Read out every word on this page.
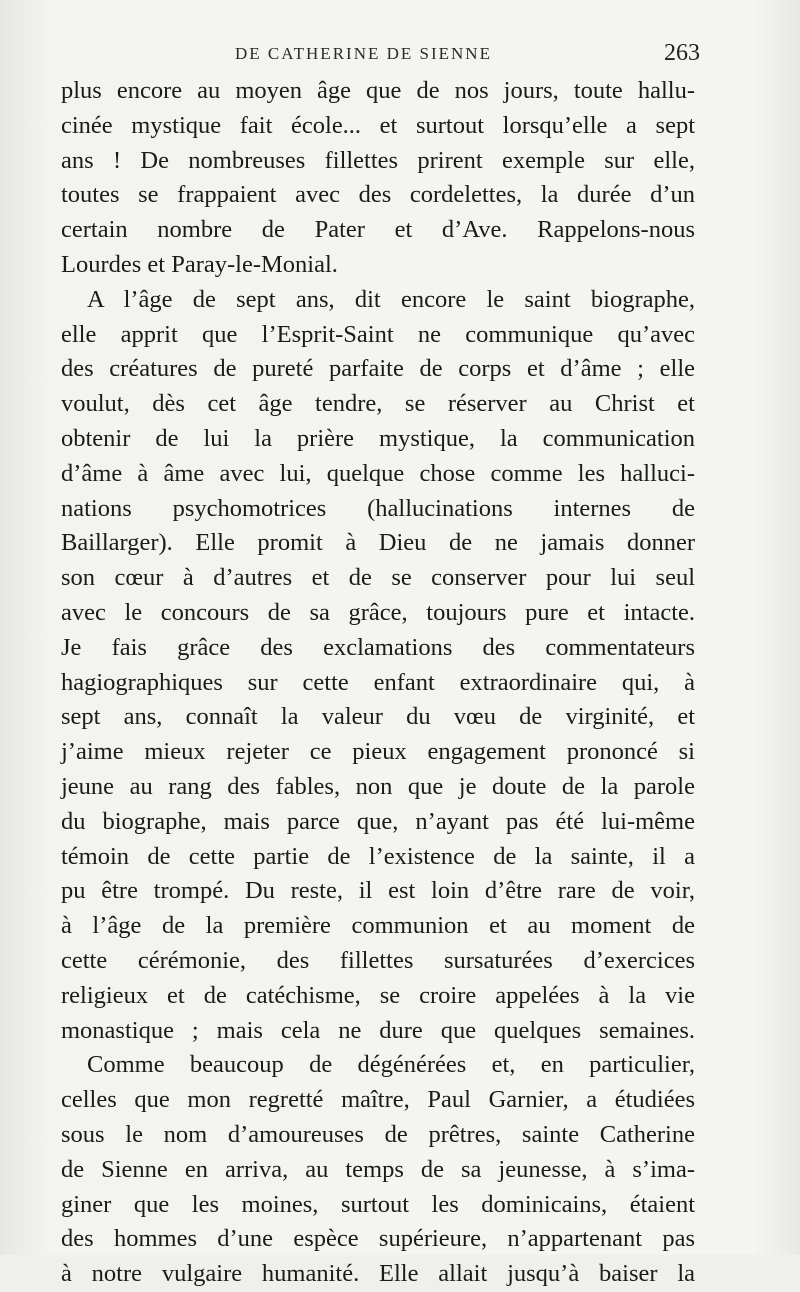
DE CATHERINE DE SIENNE	263
plus encore au moyen âge que de nos jours, toute hallu-
cinée mystique fait école... et surtout lorsqu’elle a sept
ans ! De nombreuses fillettes prirent exemple sur elle,
toutes se frappaient avec des cordelettes, la durée d’un
certain nombre de Pater et d’Ave. Rappelons-nous
Lourdes et Paray-le-Monial.
A l’âge de sept ans, dit encore le saint biographe,
elle apprit que l’Esprit-Saint ne communique qu’avec
des créatures de pureté parfaite de corps et d’âme ; elle
voulut, dès cet âge tendre, se réserver au Christ et
obtenir de lui la prière mystique, la communication
d’âme à âme avec lui, quelque chose comme les halluci-
nations psychomotrices (hallucinations internes de
Baillarger). Elle promit à Dieu de ne jamais donner
son cœur à d’autres et de se conserver pour lui seul
avec le concours de sa grâce, toujours pure et intacte.
Je fais grâce des exclamations des commentateurs
hagiographiques sur cette enfant extraordinaire qui, à
sept ans, connaît la valeur du vœu de virginité, et
j’aime mieux rejeter ce pieux engagement prononcé si
jeune au rang des fables, non que je doute de la parole
du biographe, mais parce que, n’ayant pas été lui-même
témoin de cette partie de l’existence de la sainte, il a
pu être trompé. Du reste, il est loin d’être rare de voir,
à l’âge de la première communion et au moment de
cette cérémonie, des fillettes sursaturées d’exercices
religieux et de catéchisme, se croire appelées à la vie
monastique ; mais cela ne dure que quelques semaines.
Comme beaucoup de dégénérées et, en particulier,
celles que mon regretté maître, Paul Garnier, a étudiées
sous le nom d’amoureuses de prêtres, sainte Catherine
de Sienne en arriva, au temps de sa jeunesse, à s’ima-
giner que les moines, surtout les dominicains, étaient
des hommes d’une espèce supérieure, n’appartenant pas
à notre vulgaire humanité. Elle allait jusqu’à baiser la
